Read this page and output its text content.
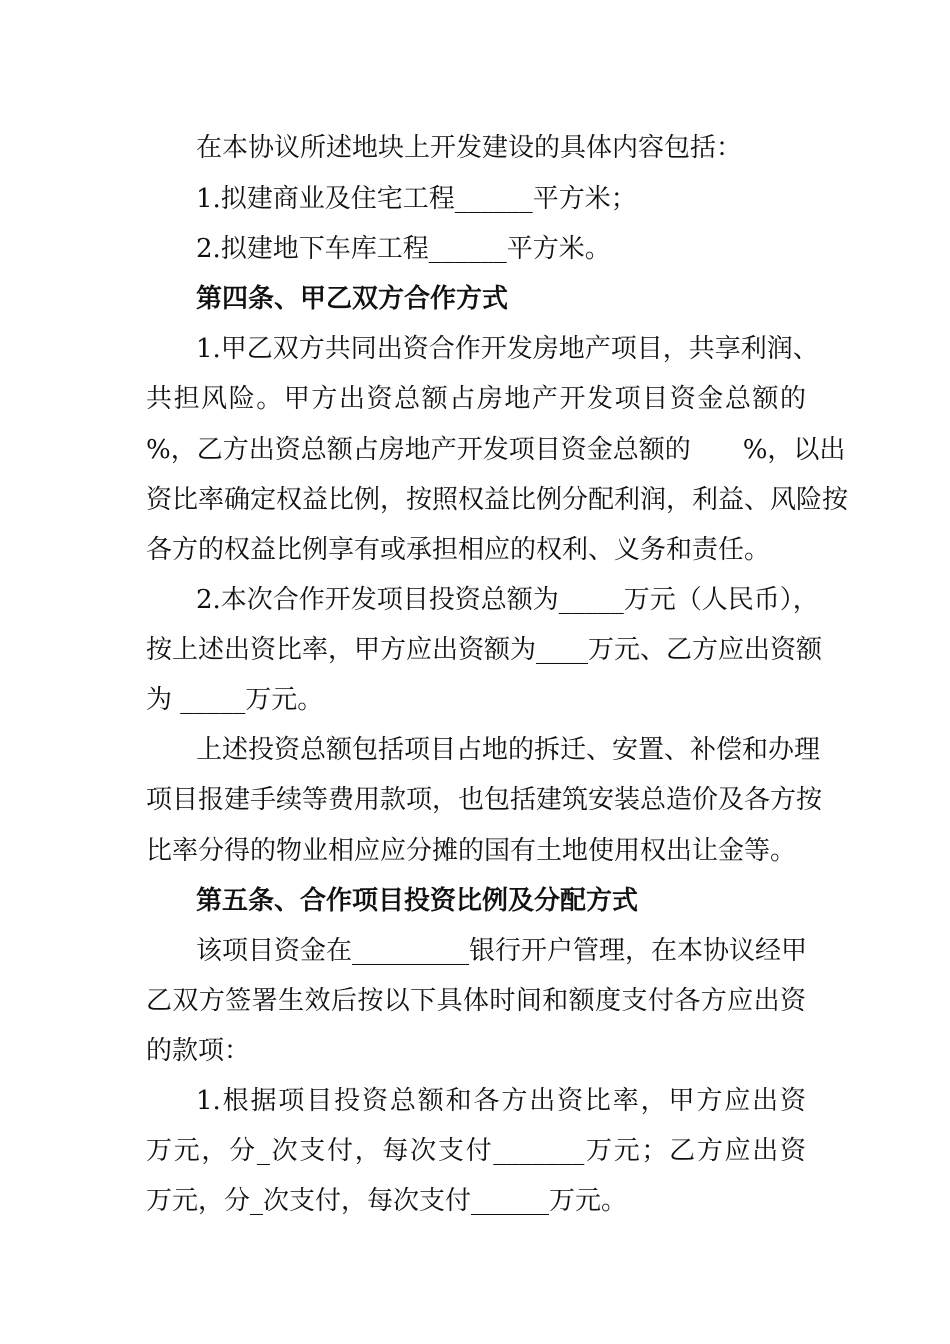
在本协议所述地块上开发建设的具体内容包括：
1.拟建商业及住宅工程______平方米；
2.拟建地下车库工程______平方米。
第四条、甲乙双方合作方式
1.甲乙双方共同出资合作开发房地产项目，共享利润、
共担风险。甲方出资总额占房地产开发项目资金总额的
%，乙方出资总额占房地产开发项目资金总额的　　%，以出
资比率确定权益比例，按照权益比例分配利润，利益、风险按
各方的权益比例享有或承担相应的权利、义务和责任。
2.本次合作开发项目投资总额为_____万元（人民币），
按上述出资比率，甲方应出资额为____万元、乙方应出资额
为 _____万元。
上述投资总额包括项目占地的拆迁、安置、补偿和办理
项目报建手续等费用款项，也包括建筑安装总造价及各方按
比率分得的物业相应应分摊的国有土地使用权出让金等。
第五条、合作项目投资比例及分配方式
该项目资金在_________银行开户管理，在本协议经甲
乙双方签署生效后按以下具体时间和额度支付各方应出资
的款项：
1.根据项目投资总额和各方出资比率，甲方应出资
万元，分_次支付，每次支付_______万元；乙方应出资
万元，分_次支付，每次支付______万元。
